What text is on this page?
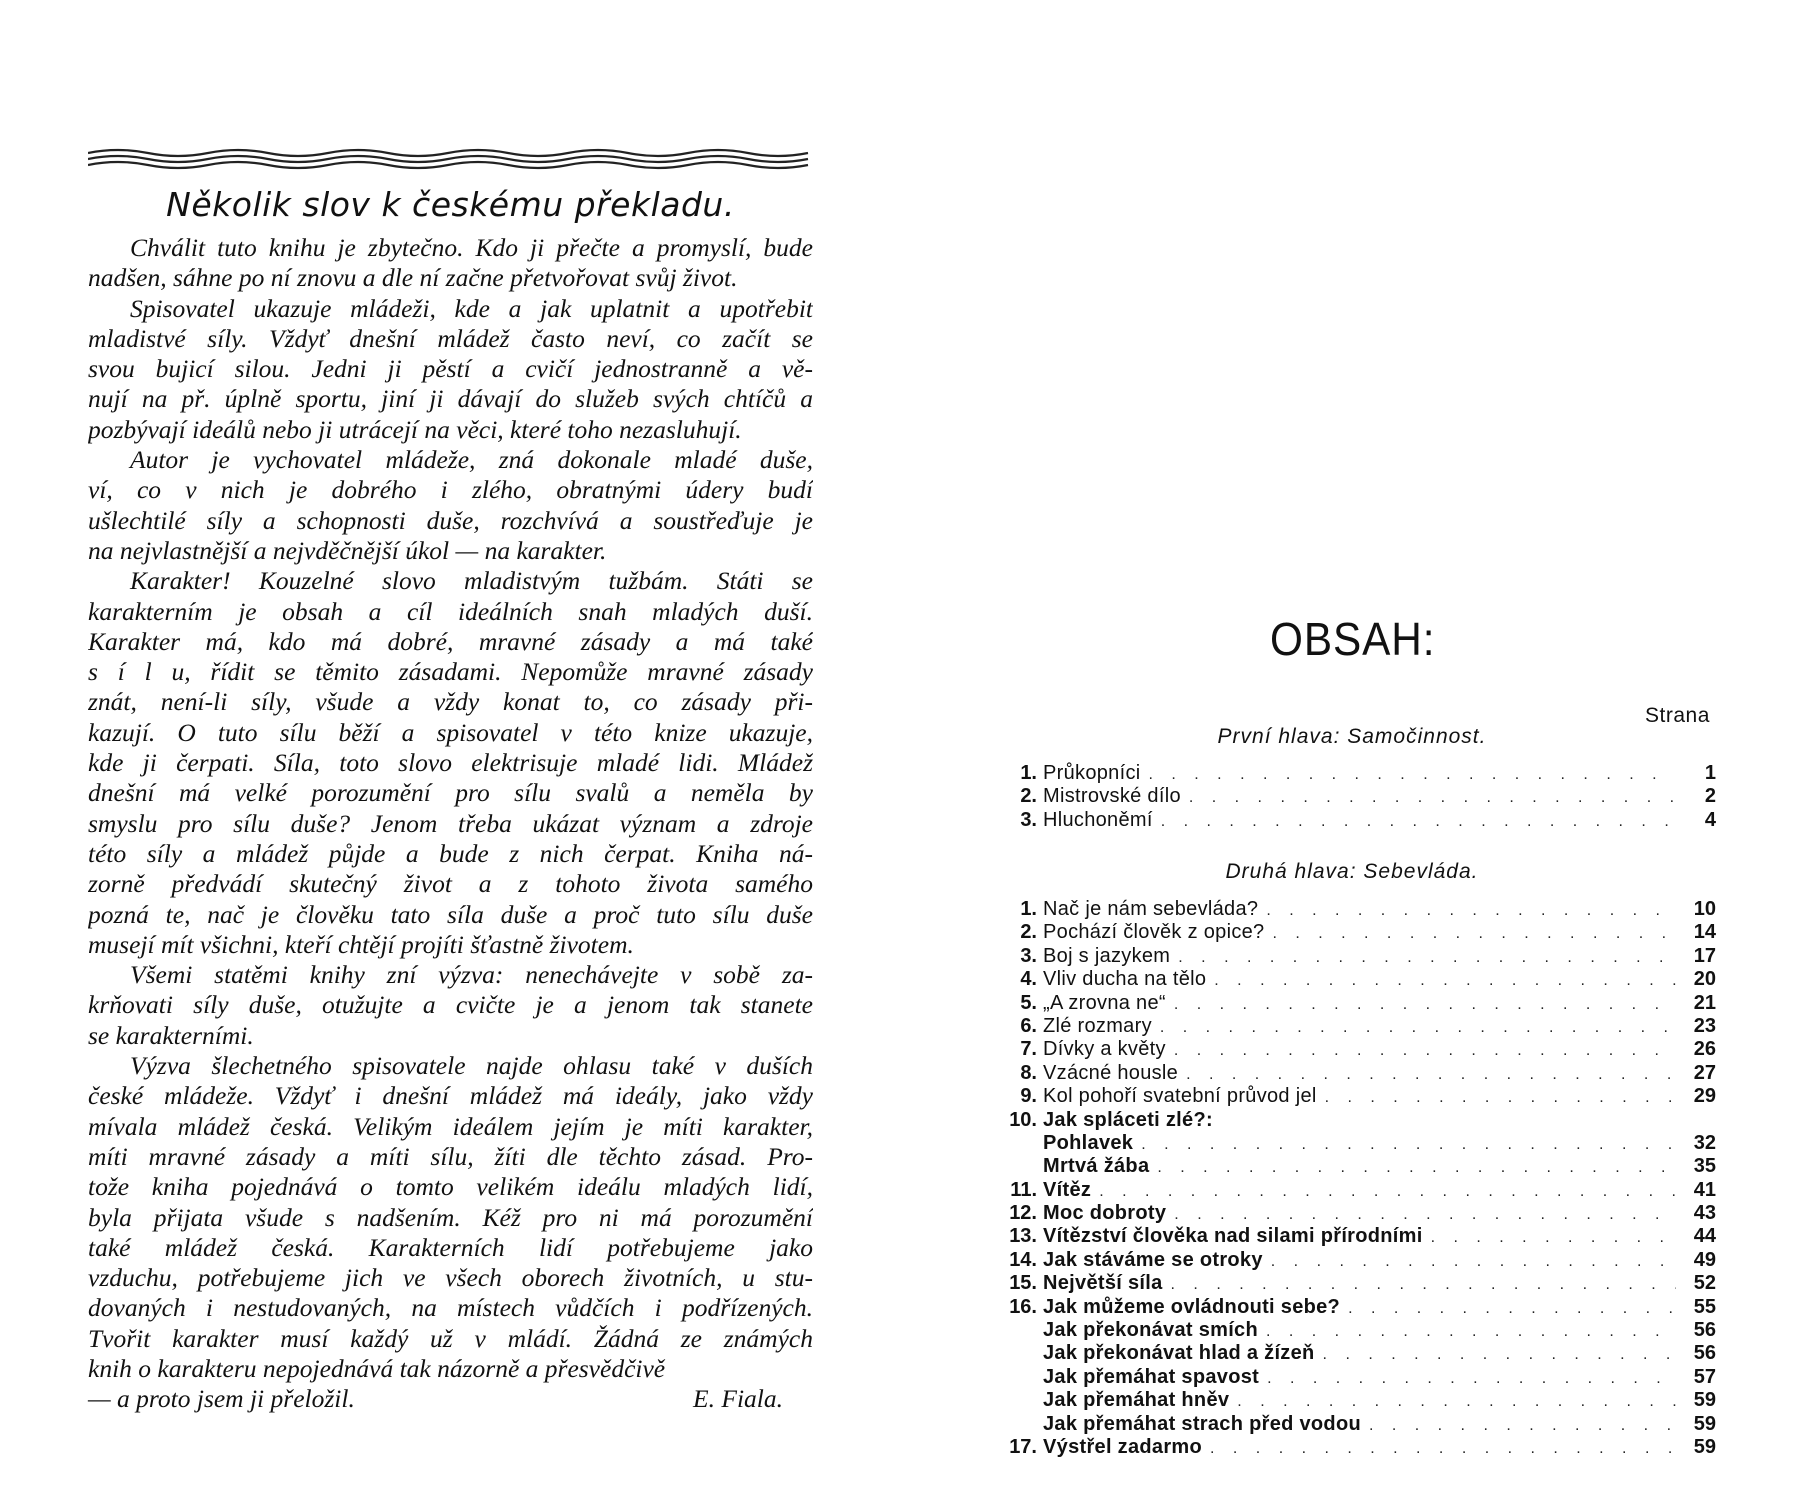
Několik slov k českému překladu.
Chválit tuto knihu je zbytečno. Kdo ji přečte a promyslí, bude
nadšen, sáhne po ní znovu a dle ní začne přetvořovat svůj život.
Spisovatel ukazuje mládeži, kde a jak uplatnit a upotřebit
mladistvé síly. Vždyť dnešní mládež často neví, co začít se
svou bujicí silou. Jedni ji pěstí a cvičí jednostranně a vě-
nují na př. úplně sportu, jiní ji dávají do služeb svých chtíčů a
pozbývají ideálů nebo ji utrácejí na věci, které toho nezasluhují.
Autor je vychovatel mládeže, zná dokonale mladé duše,
ví, co v nich je dobrého i zlého, obratnými údery budí
ušlechtilé síly a schopnosti duše, rozchvívá a soustřeďuje je
na nejvlastnější a nejvděčnější úkol — na karakter.
Karakter! Kouzelné slovo mladistvým tužbám. Státi se
karakterním je obsah a cíl ideálních snah mladých duší.
Karakter má, kdo má dobré, mravné zásady a má také
s í l u, řídit se těmito zásadami. Nepomůže mravné zásady
znát, není-li síly, všude a vždy konat to, co zásady při-
kazují. O tuto sílu běží a spisovatel v této knize ukazuje,
kde ji čerpati. Síla, toto slovo elektrisuje mladé lidi. Mládež
dnešní má velké porozumění pro sílu svalů a neměla by
smyslu pro sílu duše? Jenom třeba ukázat význam a zdroje
této síly a mládež půjde a bude z nich čerpat. Kniha ná-
zorně předvádí skutečný život a z tohoto života samého
pozná te, nač je člověku tato síla duše a proč tuto sílu duše
musejí mít všichni, kteří chtějí projíti šťastně životem.
Všemi statěmi knihy zní výzva: nenechávejte v sobě za-
krňovati síly duše, otužujte a cvičte je a jenom tak stanete
se karakterními.
Výzva šlechetného spisovatele najde ohlasu také v duších
české mládeže. Vždyť i dnešní mládež má ideály, jako vždy
mívala mládež česká. Velikým ideálem jejím je míti karakter,
míti mravné zásady a míti sílu, žíti dle těchto zásad. Pro-
tože kniha pojednává o tomto velikém ideálu mladých lidí,
byla přijata všude s nadšením. Kéž pro ni má porozumění
také mládež česká. Karakterních lidí potřebujeme jako
vzduchu, potřebujeme jich ve všech oborech životních, u stu-
dovaných i nestudovaných, na místech vůdčích i podřízených.
Tvořit karakter musí každý už v mládí. Žádná ze známých
knih o karakteru nepojednává tak názorně a přesvědčivě
— a proto jsem ji přeložil.	E. Fiala.
OBSAH:
Strana
První hlava: Samočinnost.
1. Průkopníci . . .	1
2. Mistrovské dílo . . .	2
3. Hluchoněmí . . .	4
Druhá hlava: Sebevláda.
1. Nač je nám sebevláda? . . .	10
2. Pochází člověk z opice? . . .	14
3. Boj s jazykem . . .	17
4. Vliv ducha na tělo . . .	20
5. „A zrovna ne“ . . .	21
6. Zlé rozmary . . .	23
7. Dívky a květy . . .	26
8. Vzácné housle . . .	27
9. Kol pohoří svatební průvod jel . . .	29
10. Jak spláceti zlé?:
Pohlavek . . .	32
Mrtvá žába . . .	35
11. Vítěz . . .	41
12. Moc dobroty . . .	43
13. Vítězství člověka nad silami přírodními . . .	44
14. Jak stáváme se otroky . . .	49
15. Největší síla . . .	52
16. Jak můžeme ovládnouti sebe? . . .	55
Jak překonávat smích . . .	56
Jak překonávat hlad a žízeň . . .	56
Jak přemáhat spavost . . .	57
Jak přemáhat hněv . . .	59
Jak přemáhat strach před vodou . . .	59
17. Výstřel zadarmo . . .	59
